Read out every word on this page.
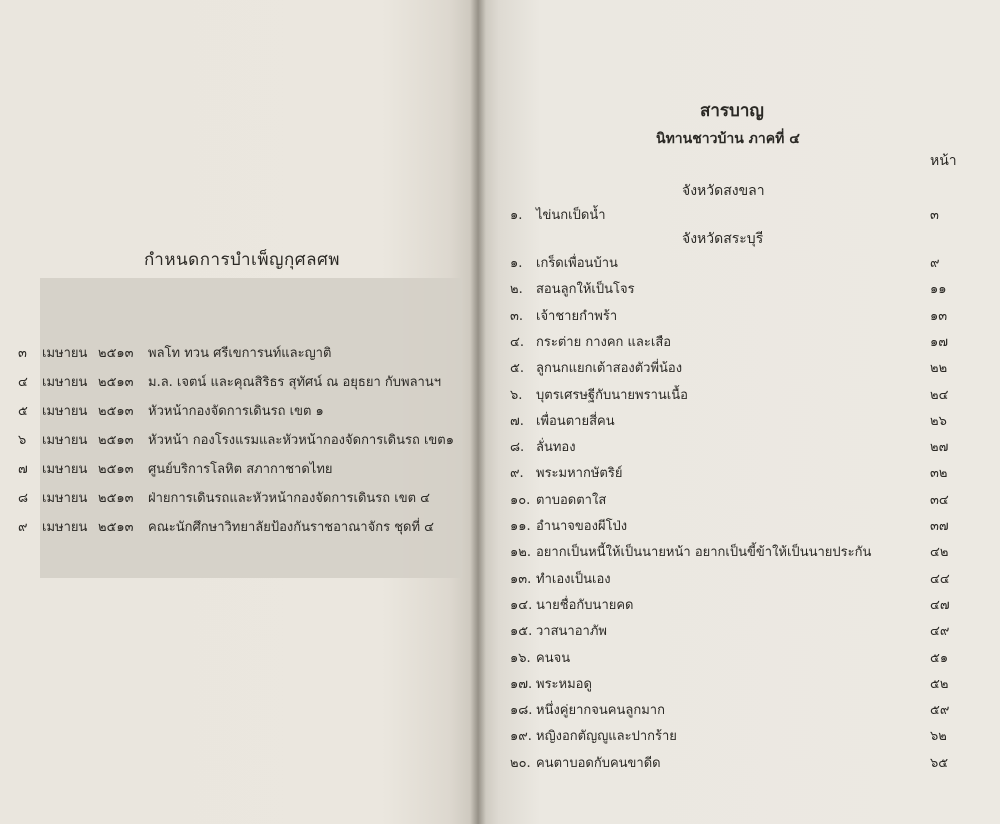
กำหนดการบำเพ็ญกุศลศพ
๓	เมษายน ๒๕๑๓ พลโท ทวน ศรีเขการนท์และญาติ
๔	เมษายน ๒๕๑๓ ม.ล. เจตน์ และคุณสิริธร สุทัศน์ ณ อยุธยา กับพลานฯ
๕	เมษายน ๒๕๑๓ หัวหน้ากองจัดการเดินรถ เขต ๑
๖	เมษายน ๒๕๑๓ หัวหน้า กองโรงแรมและหัวหน้ากองจัดการเดินรถ เขต๑
๗	เมษายน ๒๕๑๓ ศูนย์บริการโลหิต สภากาชาดไทย
๘	เมษายน ๒๕๑๓ ฝ่ายการเดินรถและหัวหน้ากองจัดการเดินรถ เขต ๔
๙	เมษายน ๒๕๑๓ คณะนักศึกษาวิทยาลัยป้องกันราชอาณาจักร ชุดที่ ๔
สารบาญ
นิทานชาวบ้าน ภาคที่ ๔
หน้า
จังหวัดสงขลา
จังหวัดสระบุรี
๑. ไข่นกเป็ดน้ำ	๓
๑. เกร็ดเพื่อนบ้าน	๙
๒. สอนลูกให้เป็นโจร	๑๑
๓. เจ้าชายกำพร้า	๑๓
๔. กระต่าย กางคก และเสือ	๑๗
๕. ลูกนกแยกเต้าสองตัวพี่น้อง	๒๒
๖. บุตรเศรษฐีกับนายพรานเนื้อ	๒๔
๗. เพื่อนตายสี่คน	๒๖
๘. ลั่นทอง	๒๗
๙. พระมหากษัตริย์	๓๒
๑๐. ตาบอดตาใส	๓๔
๑๑. อำนาจของผีโป่ง	๓๗
๑๒. อยากเป็นหนี้ให้เป็นนายหน้า อยากเป็นขี้ข้าให้เป็นนายประกัน	๔๒
๑๓. ทำเองเป็นเอง	๔๔
๑๔. นายชื่อกับนายคด	๔๗
๑๕. วาสนาอาภัพ	๔๙
๑๖. คนจน	๕๑
๑๗. พระหมอดู	๕๒
๑๘. หนึ่งคู่ยากจนคนลูกมาก	๕๙
๑๙. หญิงอกตัญญูและปากร้าย	๖๒
๒๐. คนตาบอดกับคนขาดีด	๖๕
